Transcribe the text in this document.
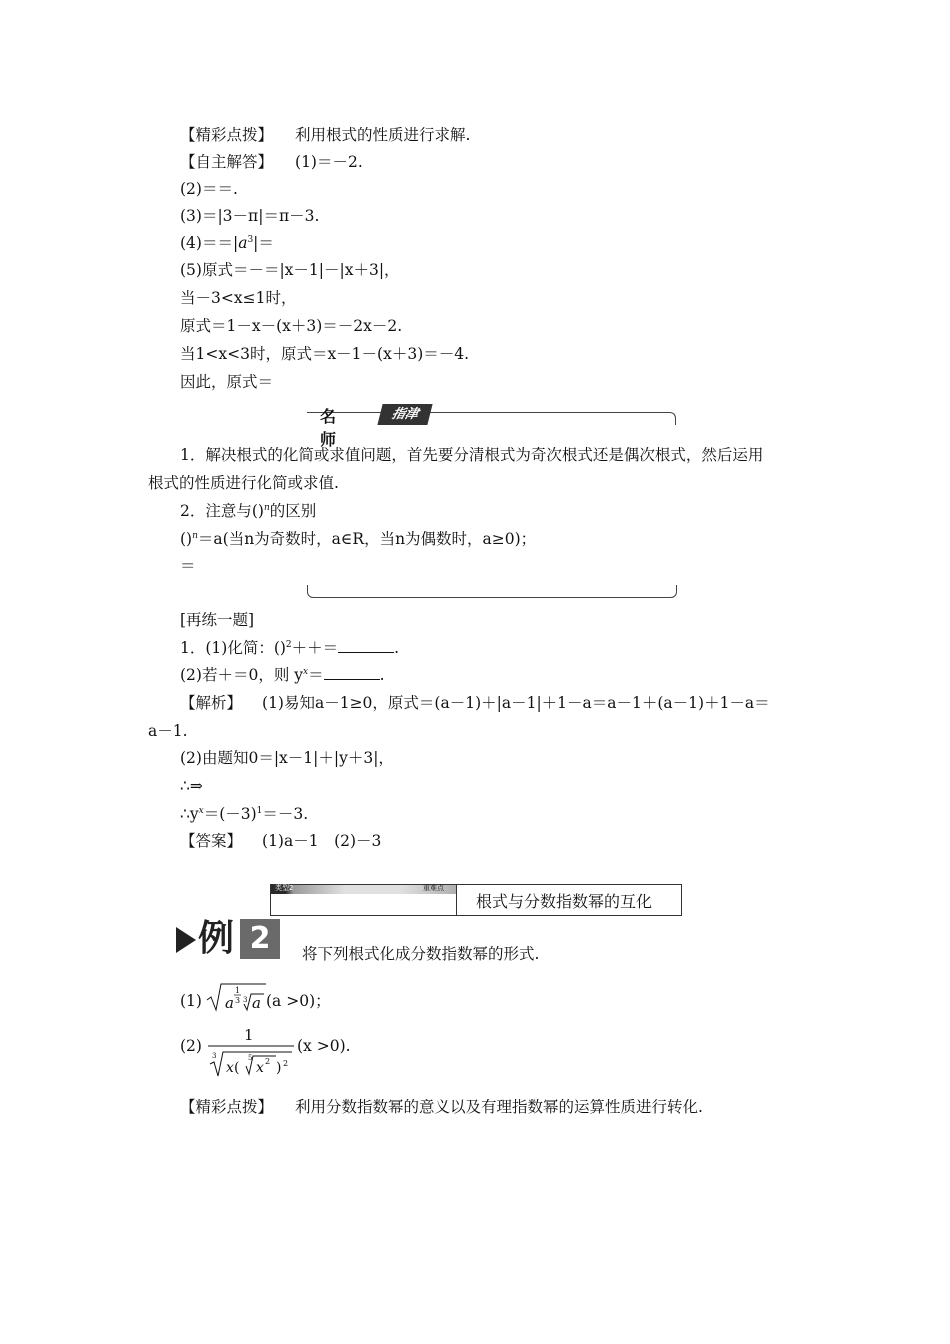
【精彩点拨】 利用根式的性质进行求解.
【自主解答】 (1)＝－2.
(2)＝＝.
(3)＝|3－π|＝π－3.
$(4)==|a^3|=$
(5)原式＝－＝|x－1|－|x＋3|，
当－3<x≤1时，
原式＝1－x－(x＋3)＝－2x－2.
当1<x<3时，原式＝x－1－(x＋3)＝－4.
因此，原式＝
名师
指津
1．解决根式的化简或求值问题，首先要分清根式为奇次根式还是偶次根式，然后运用
根式的性质进行化简或求值.
2．注意与()$^n$的区别
()$^n$＝a(当n为奇数时，a∈R，当n为偶数时，a≥0)；
＝
[再练一题]
1．(1)化简：()$^2$＋＋＝	.
(2)若＋＝0，则 $y^x=$	.
【解析】 (1)易知a－1≥0，原式＝(a－1)＋|a－1|＋1－a＝a－1＋(a－1)＋1－a＝
a－1.
(2)由题知0＝|x－1|＋|y＋3|，
∴⇒
$\therefore y^x=(-3)^1=-3$.
【答案】 (1)a－1　(2)－3
类型2	重难点
根式与分数指数幂的互化
例 2	将下列根式化成分数指数幂的形式.
(1) a
1
3 3 a (a >0)；
(2)
1
3
x (
5
x 2 ) 2
(x >0).
【精彩点拨】 利用分数指数幂的意义以及有理指数幂的运算性质进行转化.
